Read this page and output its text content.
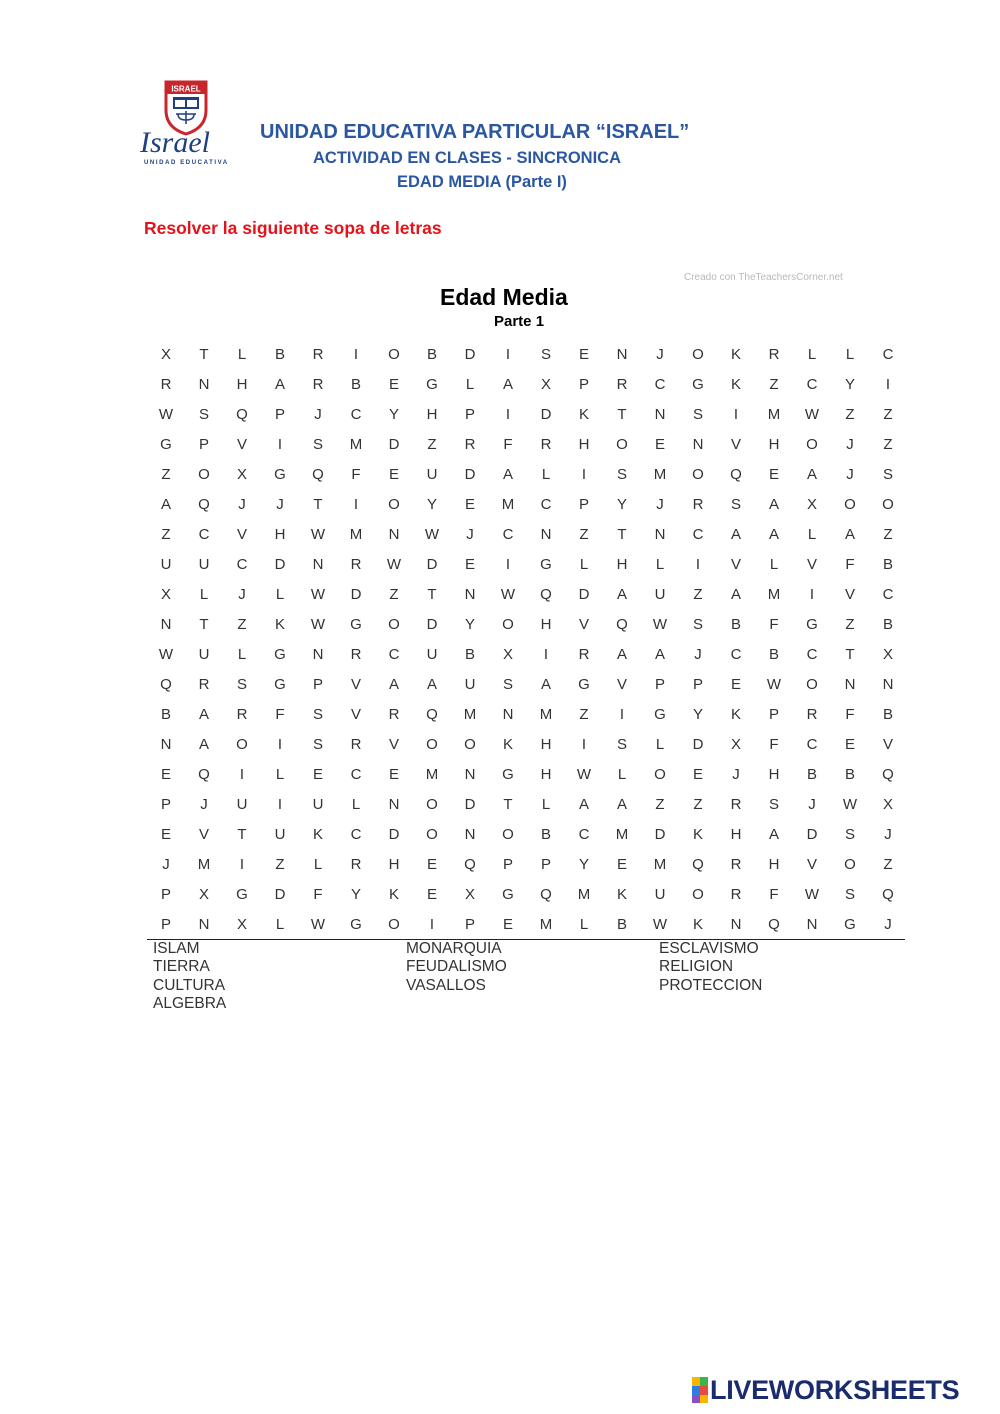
ISRAEL
Israel
UNIDAD EDUCATIVA
UNIDAD EDUCATIVA PARTICULAR “ISRAEL”
ACTIVIDAD EN CLASES - SINCRONICA
EDAD MEDIA (Parte I)
Resolver la siguiente sopa de letras
Creado con TheTeachersCorner.net
Edad Media
Parte 1
X	T	L	B	R	I	O	B	D	I	S	E	N	J	O	K	R	L	L	C
R	N	H	A	R	B	E	G	L	A	X	P	R	C	G	K	Z	C	Y	I
W	S	Q	P	J	C	Y	H	P	I	D	K	T	N	S	I	M	W	Z	Z
G	P	V	I	S	M	D	Z	R	F	R	H	O	E	N	V	H	O	J	Z
Z	O	X	G	Q	F	E	U	D	A	L	I	S	M	O	Q	E	A	J	S
A	Q	J	J	T	I	O	Y	E	M	C	P	Y	J	R	S	A	X	O	O
Z	C	V	H	W	M	N	W	J	C	N	Z	T	N	C	A	A	L	A	Z
U	U	C	D	N	R	W	D	E	I	G	L	H	L	I	V	L	V	F	B
X	L	J	L	W	D	Z	T	N	W	Q	D	A	U	Z	A	M	I	V	C
N	T	Z	K	W	G	O	D	Y	O	H	V	Q	W	S	B	F	G	Z	B
W	U	L	G	N	R	C	U	B	X	I	R	A	A	J	C	B	C	T	X
Q	R	S	G	P	V	A	A	U	S	A	G	V	P	P	E	W	O	N	N
B	A	R	F	S	V	R	Q	M	N	M	Z	I	G	Y	K	P	R	F	B
N	A	O	I	S	R	V	O	O	K	H	I	S	L	D	X	F	C	E	V
E	Q	I	L	E	C	E	M	N	G	H	W	L	O	E	J	H	B	B	Q
P	J	U	I	U	L	N	O	D	T	L	A	A	Z	Z	R	S	J	W	X
E	V	T	U	K	C	D	O	N	O	B	C	M	D	K	H	A	D	S	J
J	M	I	Z	L	R	H	E	Q	P	P	Y	E	M	Q	R	H	V	O	Z
P	X	G	D	F	Y	K	E	X	G	Q	M	K	U	O	R	F	W	S	Q
P	N	X	L	W	G	O	I	P	E	M	L	B	W	K	N	Q	N	G	J
ISLAM
TIERRA
CULTURA
ALGEBRA
MONARQUIA
FEUDALISMO
VASALLOS
ESCLAVISMO
RELIGION
PROTECCION
LIVEWORKSHEETS
